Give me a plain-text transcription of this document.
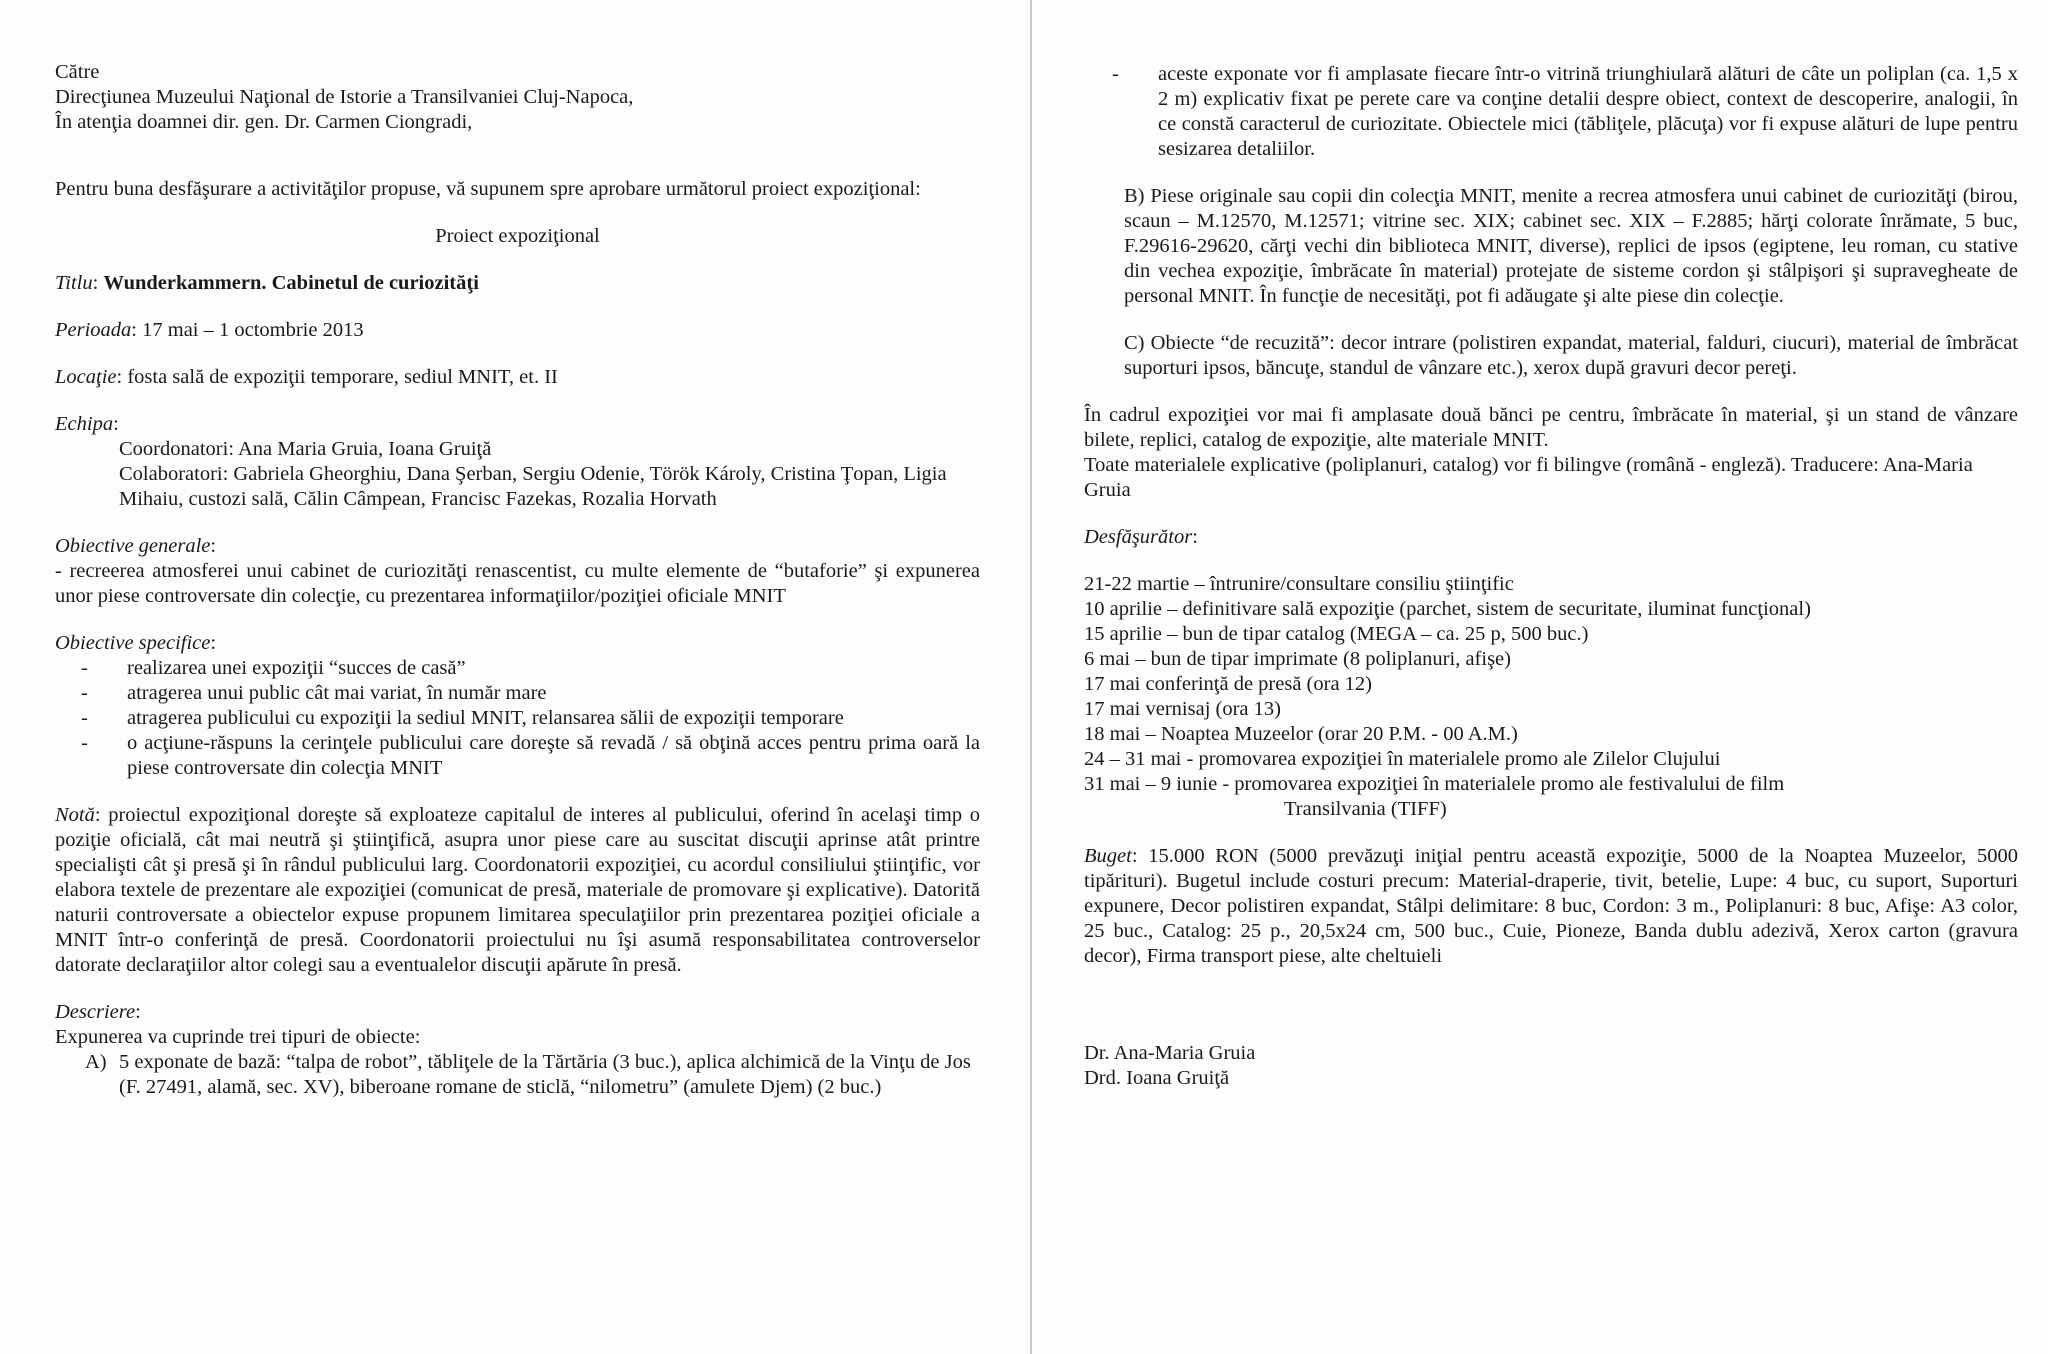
Către

Direcţiunea Muzeului Naţional de Istorie a Transilvaniei Cluj-Napoca,

În atenţia doamnei dir. gen. Dr. Carmen Ciongradi,

Pentru buna desfăşurare a activităţilor propuse, vă supunem spre aprobare următorul proiect expoziţional:

Proiect expoziţional

Titlu: Wunderkammern. Cabinetul de curiozităţi

Perioada: 17 mai – 1 octombrie 2013

Locaţie: fosta sală de expoziţii temporare, sediul MNIT, et. II

Echipa:

Coordonatori: Ana Maria Gruia, Ioana Gruiţă

Colaboratori: Gabriela Gheorghiu, Dana Şerban, Sergiu Odenie, Török Károly, Cristina Ţopan, Ligia Mihaiu, custozi sală, Călin Câmpean, Francisc Fazekas, Rozalia Horvath

Obiective generale:

- recreerea atmosferei unui cabinet de curiozităţi renascentist, cu multe elemente de “butaforie” şi expunerea unor piese controversate din colecţie, cu prezentarea informaţiilor/poziţiei oficiale MNIT

Obiective specifice:

- realizarea unei expoziţii “succes de casă”
- atragerea unui public cât mai variat, în număr mare
- atragerea publicului cu expoziţii la sediul MNIT, relansarea sălii de expoziţii temporare
- o acţiune-răspuns la cerinţele publicului care doreşte să revadă / să obţină acces pentru prima oară la piese controversate din colecţia MNIT

Notă: proiectul expoziţional doreşte să exploateze capitalul de interes al publicului, oferind în acelaşi timp o poziţie oficială, cât mai neutră şi ştiinţifică, asupra unor piese care au suscitat discuţii aprinse atât printre specialişti cât şi presă şi în rândul publicului larg. Coordonatorii expoziţiei, cu acordul consiliului ştiinţific, vor elabora textele de prezentare ale expoziţiei (comunicat de presă, materiale de promovare şi explicative). Datorită naturii controversate a obiectelor expuse propunem limitarea speculaţiilor prin prezentarea poziţiei oficiale a MNIT într-o conferinţă de presă. Coordonatorii proiectului nu îşi asumă responsabilitatea controverselor datorate declaraţiilor altor colegi sau a eventualelor discuţii apărute în presă.

Descriere:

Expunerea va cuprinde trei tipuri de obiecte:

A) 5 exponate de bază: “talpa de robot”, tăbliţele de la Tărtăria (3 buc.), aplica alchimică de la Vinţu de Jos (F. 27491, alamă, sec. XV), biberoane romane de sticlă, “nilometru” (amulete Djem) (2 buc.)
- aceste exponate vor fi amplasate fiecare într-o vitrină triunghiulară alături de câte un poliplan (ca. 1,5 x 2 m) explicativ fixat pe perete care va conţine detalii despre obiect, context de descoperire, analogii, în ce constă caracterul de curiozitate. Obiectele mici (tăbliţele, plăcuţa) vor fi expuse alături de lupe pentru sesizarea detaliilor.

B) Piese originale sau copii din colecţia MNIT, menite a recrea atmosfera unui cabinet de curiozităţi (birou, scaun – M.12570, M.12571; vitrine sec. XIX; cabinet sec. XIX – F.2885; hărţi colorate înrămate, 5 buc, F.29616-29620, cărţi vechi din biblioteca MNIT, diverse), replici de ipsos (egiptene, leu roman, cu stative din vechea expoziţie, îmbrăcate în material) protejate de sisteme cordon şi stâlpişori şi supravegheate de personal MNIT. În funcţie de necesităţi, pot fi adăugate şi alte piese din colecţie.

C) Obiecte “de recuzită”: decor intrare (polistiren expandat, material, falduri, ciucuri), material de îmbrăcat suporturi ipsos, băncuţe, standul de vânzare etc.), xerox după gravuri decor pereţi.

În cadrul expoziţiei vor mai fi amplasate două bănci pe centru, îmbrăcate în material, şi un stand de vânzare bilete, replici, catalog de expoziţie, alte materiale MNIT.

Toate materialele explicative (poliplanuri, catalog) vor fi bilingve (română - engleză). Traducere: Ana-Maria Gruia

Desfăşurător:

21-22 martie – întrunire/consultare consiliu ştiinţific

10 aprilie – definitivare sală expoziţie (parchet, sistem de securitate, iluminat funcţional)

15 aprilie – bun de tipar catalog (MEGA – ca. 25 p, 500 buc.)

6 mai – bun de tipar imprimate (8 poliplanuri, afişe)

17 mai conferinţă de presă (ora 12)

17 mai vernisaj (ora 13)

18 mai – Noaptea Muzeelor (orar 20 P.M. - 00 A.M.)

24 – 31 mai - promovarea expoziţiei în materialele promo ale Zilelor Clujului

31 mai – 9 iunie - promovarea expoziţiei în materialele promo ale festivalului de film

Transilvania (TIFF)

Buget: 15.000 RON (5000 prevăzuţi iniţial pentru această expoziţie, 5000 de la Noaptea Muzeelor, 5000 tipărituri). Bugetul include costuri precum: Material-draperie, tivit, betelie, Lupe: 4 buc, cu suport, Suporturi expunere, Decor polistiren expandat, Stâlpi delimitare: 8 buc, Cordon: 3 m., Poliplanuri: 8 buc, Afişe: A3 color, 25 buc., Catalog: 25 p., 20,5x24 cm, 500 buc., Cuie, Pioneze, Banda dublu adezivă, Xerox carton (gravura decor), Firma transport piese, alte cheltuieli

Dr. Ana-Maria Gruia

Drd. Ioana Gruiţă
